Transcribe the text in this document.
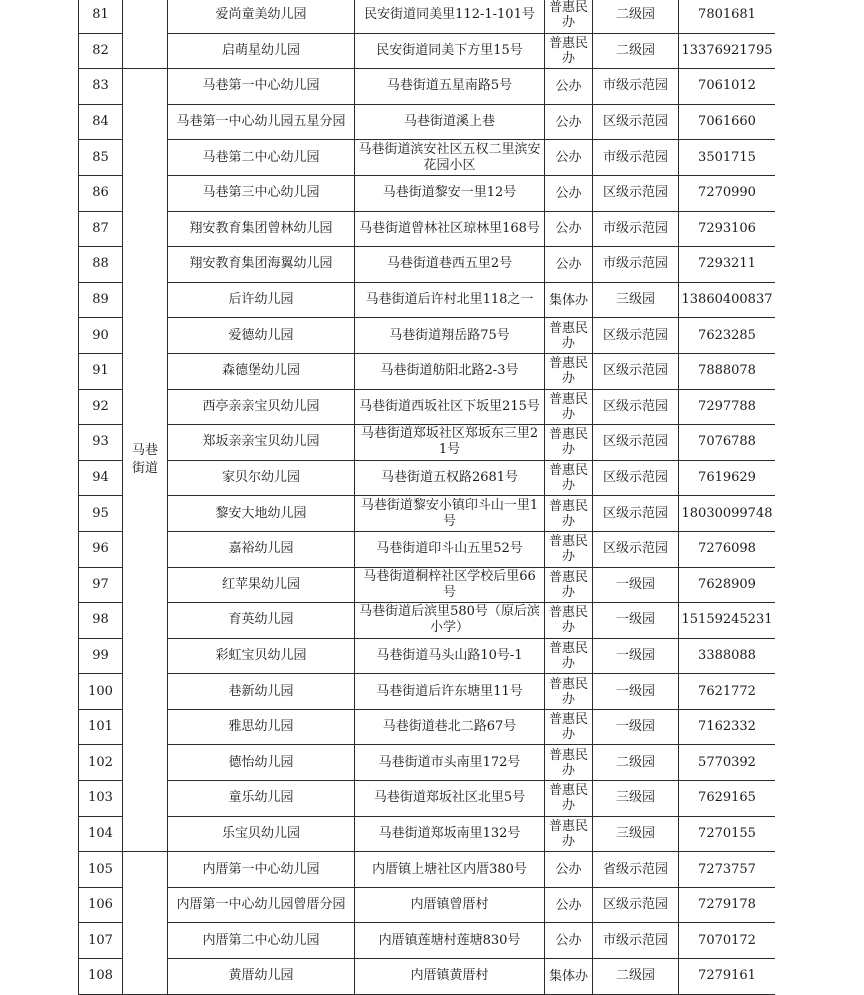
81		爱尚童美幼儿园	民安街道同美里112-1-101号	普惠民办	二级园	7801681
82		启萌星幼儿园	民安街道同美下方里15号	普惠民办	二级园	13376921795
83	马巷街道	马巷第一中心幼儿园	马巷街道五星南路5号	公办	市级示范园	7061012
84		马巷第一中心幼儿园五星分园	马巷街道溪上巷	公办	区级示范园	7061660
85		马巷第二中心幼儿园	马巷街道滨安社区五权二里滨安花园小区	公办	市级示范园	3501715
86		马巷第三中心幼儿园	马巷街道黎安一里12号	公办	区级示范园	7270990
87		翔安教育集团曾林幼儿园	马巷街道曾林社区琼林里168号	公办	市级示范园	7293106
88		翔安教育集团海翼幼儿园	马巷街道巷西五里2号	公办	市级示范园	7293211
89		后许幼儿园	马巷街道后许村北里118之一	集体办	三级园	13860400837
90		爱德幼儿园	马巷街道翔岳路75号	普惠民办	区级示范园	7623285
91		森德堡幼儿园	马巷街道舫阳北路2-3号	普惠民办	区级示范园	7888078
92		西亭亲亲宝贝幼儿园	马巷街道西坂社区下坂里215号	普惠民办	区级示范园	7297788
93		郑坂亲亲宝贝幼儿园	马巷街道郑坂社区郑坂东三里21号	普惠民办	区级示范园	7076788
94		家贝尔幼儿园	马巷街道五权路2681号	普惠民办	区级示范园	7619629
95		黎安大地幼儿园	马巷街道黎安小镇印斗山一里1号	普惠民办	区级示范园	18030099748
96		嘉裕幼儿园	马巷街道印斗山五里52号	普惠民办	区级示范园	7276098
97		红苹果幼儿园	马巷街道桐梓社区学校后里66号	普惠民办	一级园	7628909
98		育英幼儿园	马巷街道后滨里580号（原后滨小学）	普惠民办	一级园	15159245231
99		彩虹宝贝幼儿园	马巷街道马头山路10号-1	普惠民办	一级园	3388088
100		巷新幼儿园	马巷街道后许东塘里11号	普惠民办	一级园	7621772
101		雅思幼儿园	马巷街道巷北二路67号	普惠民办	一级园	7162332
102		德怡幼儿园	马巷街道市头南里172号	普惠民办	二级园	5770392
103		童乐幼儿园	马巷街道郑坂社区北里5号	普惠民办	三级园	7629165
104		乐宝贝幼儿园	马巷街道郑坂南里132号	普惠民办	三级园	7270155
105		内厝第一中心幼儿园	内厝镇上塘社区内厝380号	公办	省级示范园	7273757
106		内厝第一中心幼儿园曾厝分园	内厝镇曾厝村	公办	区级示范园	7279178
107		内厝第二中心幼儿园	内厝镇莲塘村莲塘830号	公办	市级示范园	7070172
108		黄厝幼儿园	内厝镇黄厝村	集体办	二级园	7279161
